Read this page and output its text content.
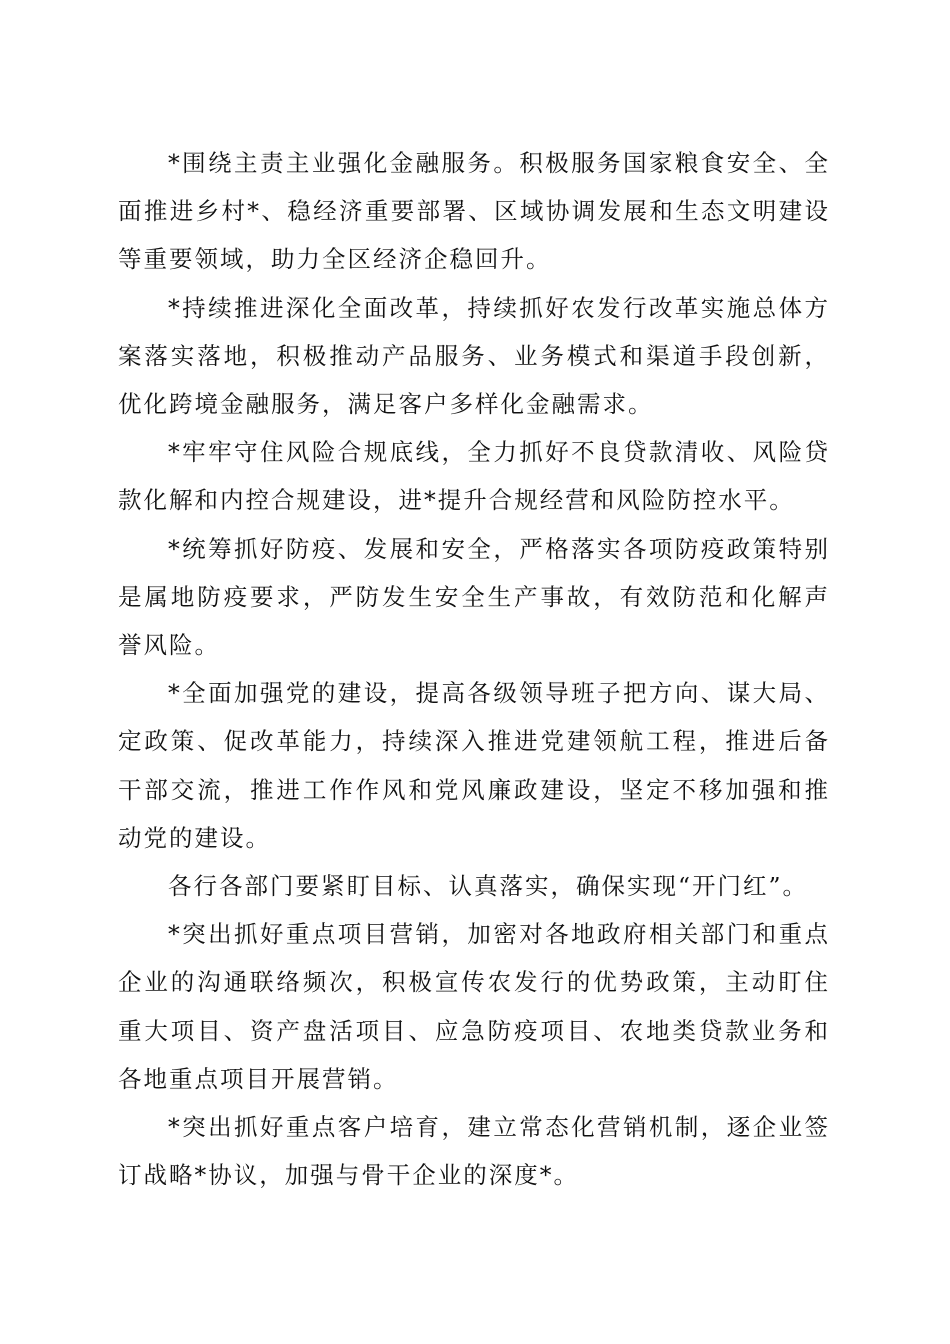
*围绕主责主业强化金融服务。积极服务国家粮食安全、全面推进乡村*、稳经济重要部署、区域协调发展和生态文明建设等重要领域，助力全区经济企稳回升。

*持续推进深化全面改革，持续抓好农发行改革实施总体方案落实落地，积极推动产品服务、业务模式和渠道手段创新，优化跨境金融服务，满足客户多样化金融需求。

*牢牢守住风险合规底线，全力抓好不良贷款清收、风险贷款化解和内控合规建设，进*提升合规经营和风险防控水平。

*统筹抓好防疫、发展和安全，严格落实各项防疫政策特别是属地防疫要求，严防发生安全生产事故，有效防范和化解声誉风险。

*全面加强党的建设，提高各级领导班子把方向、谋大局、定政策、促改革能力，持续深入推进党建领航工程，推进后备干部交流，推进工作作风和党风廉政建设，坚定不移加强和推动党的建设。

各行各部门要紧盯目标、认真落实，确保实现“开门红”。

*突出抓好重点项目营销，加密对各地政府相关部门和重点企业的沟通联络频次，积极宣传农发行的优势政策，主动盯住重大项目、资产盘活项目、应急防疫项目、农地类贷款业务和各地重点项目开展营销。

*突出抓好重点客户培育，建立常态化营销机制，逐企业签订战略*协议，加强与骨干企业的深度*。
